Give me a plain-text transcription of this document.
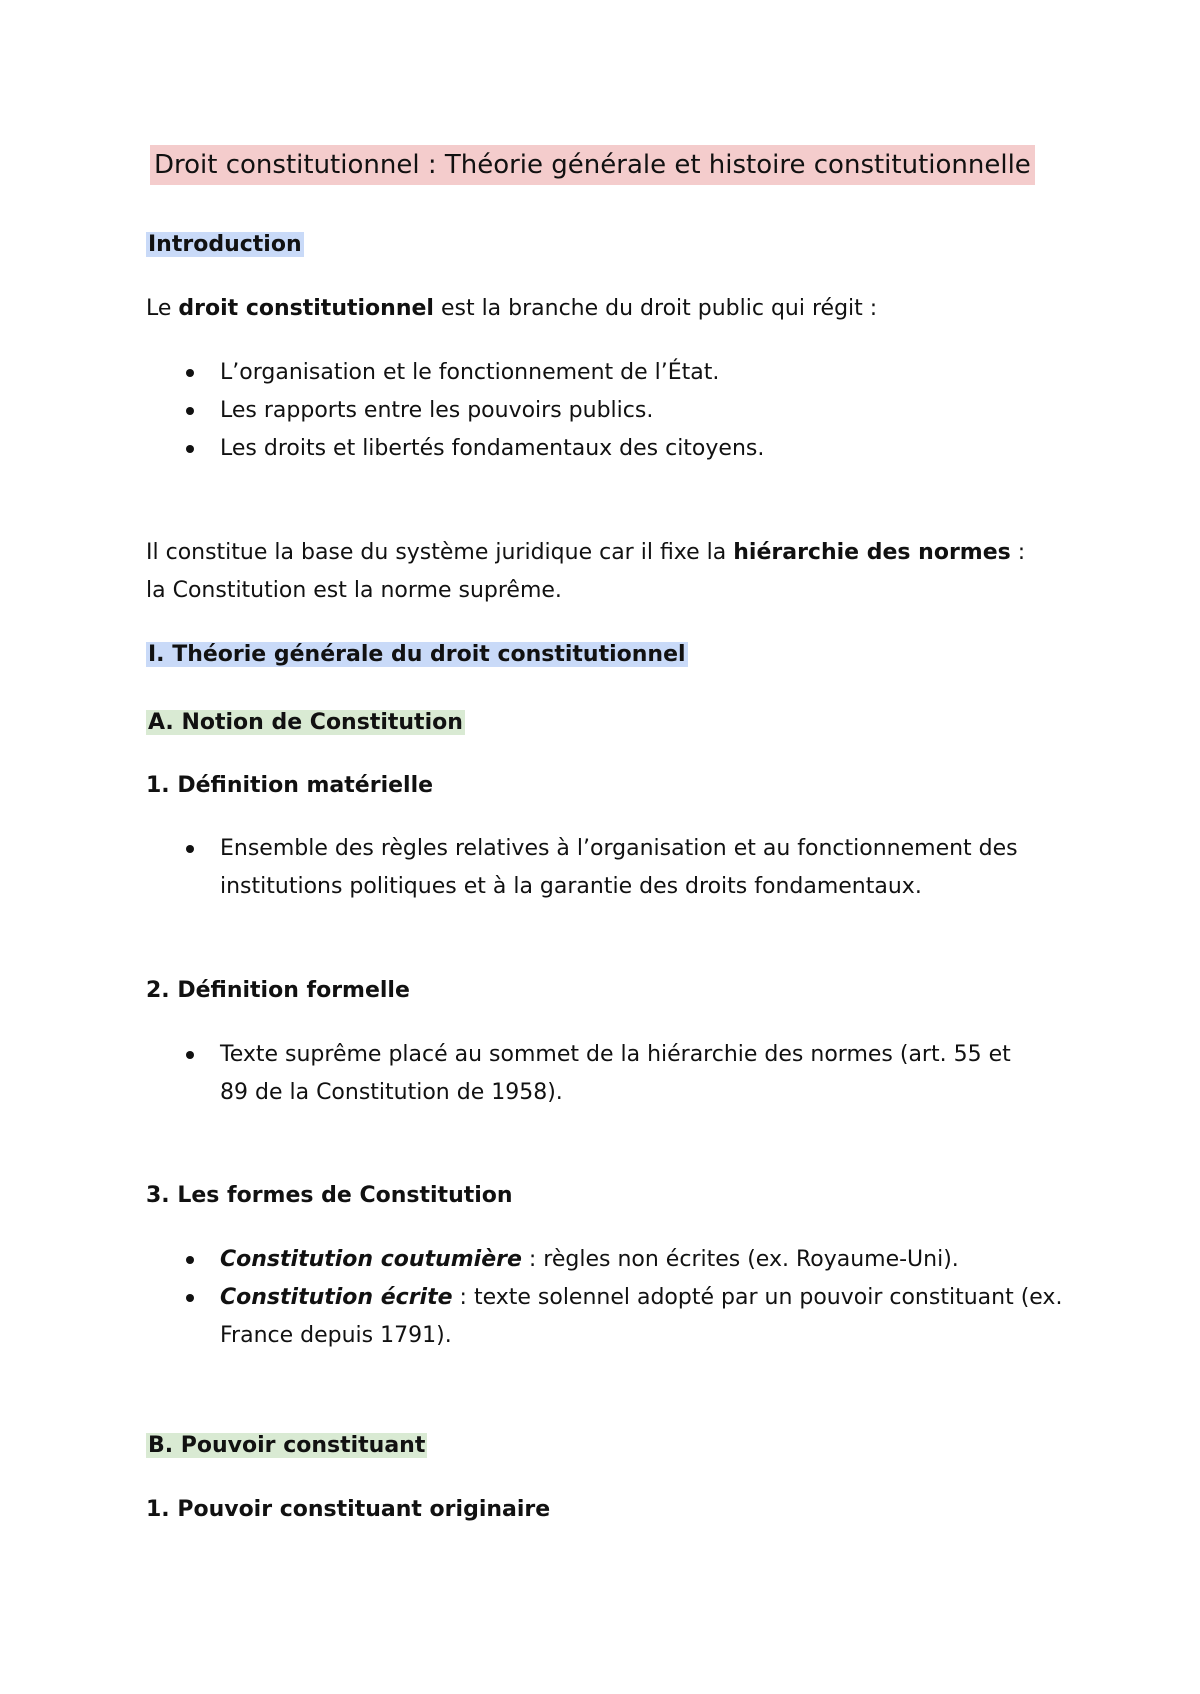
Droit constitutionnel : Théorie générale et histoire constitutionnelle
Introduction
Le droit constitutionnel est la branche du droit public qui régit :
L’organisation et le fonctionnement de l’État.
Les rapports entre les pouvoirs publics.
Les droits et libertés fondamentaux des citoyens.
Il constitue la base du système juridique car il fixe la hiérarchie des normes :
la Constitution est la norme suprême.
I. Théorie générale du droit constitutionnel
A. Notion de Constitution
1. Définition matérielle
Ensemble des règles relatives à l’organisation et au fonctionnement des
institutions politiques et à la garantie des droits fondamentaux.
2. Définition formelle
Texte suprême placé au sommet de la hiérarchie des normes (art. 55 et
89 de la Constitution de 1958).
3. Les formes de Constitution
Constitution coutumière : règles non écrites (ex. Royaume-Uni).
Constitution écrite : texte solennel adopté par un pouvoir constituant (ex.
France depuis 1791).
B. Pouvoir constituant
1. Pouvoir constituant originaire
